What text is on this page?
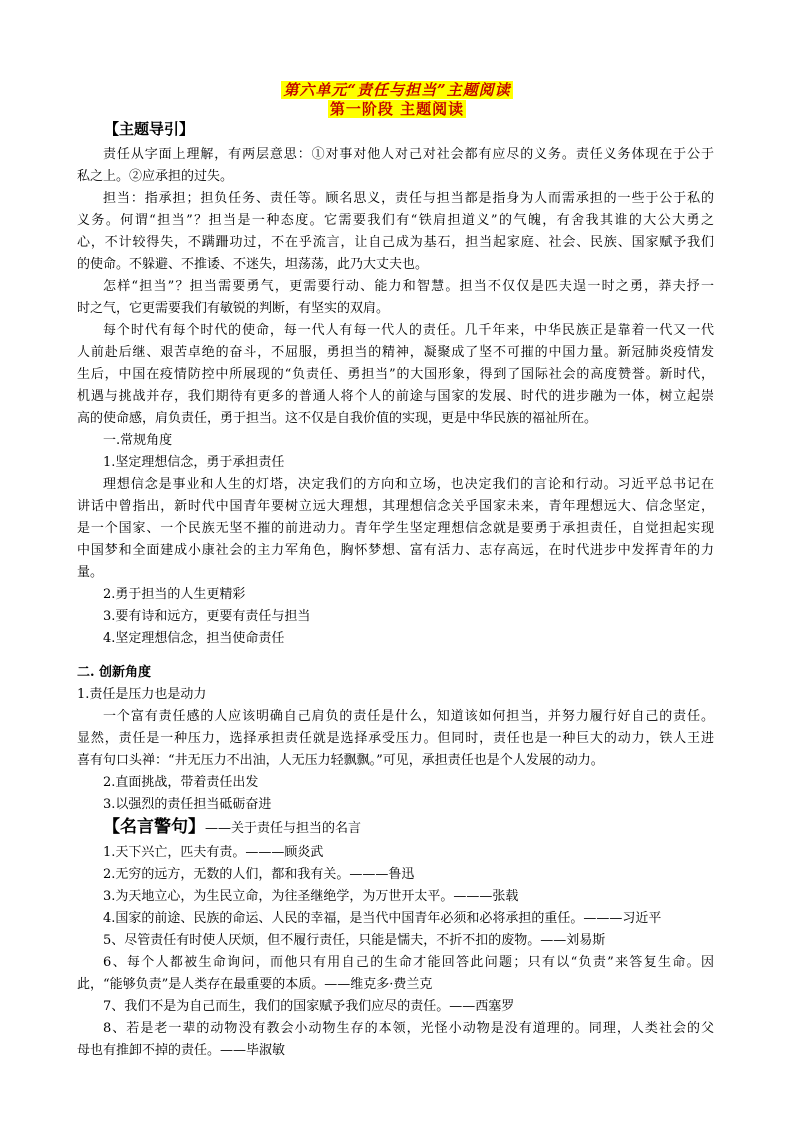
第六单元“责任与担当”主题阅读
第一阶段 主题阅读
【主题导引】
责任从字面上理解，有两层意思：①对事对他人对己对社会都有应尽的义务。责任义务体现在于公于
私之上。②应承担的过失。
担当：指承担；担负任务、责任等。顾名思义，责任与担当都是指身为人而需承担的一些于公于私的
义务。何谓“担当”？担当是一种态度。它需要我们有“铁肩担道义”的气魄，有舍我其谁的大公大勇之
心，不计较得失，不蹒跚功过，不在乎流言，让自己成为基石，担当起家庭、社会、民族、国家赋予我们
的使命。不躲避、不推诿、不迷失，坦荡荡，此乃大丈夫也。
怎样“担当”？担当需要勇气，更需要行动、能力和智慧。担当不仅仅是匹夫逞一时之勇，莽夫抒一
时之气，它更需要我们有敏锐的判断，有坚实的双肩。
每个时代有每个时代的使命，每一代人有每一代人的责任。几千年来，中华民族正是靠着一代又一代
人前赴后继、艰苦卓绝的奋斗，不屈服，勇担当的精神，凝聚成了坚不可摧的中国力量。新冠肺炎疫情发
生后，中国在疫情防控中所展现的“负责任、勇担当”的大国形象，得到了国际社会的高度赞誉。新时代，
机遇与挑战并存，我们期待有更多的普通人将个人的前途与国家的发展、时代的进步融为一体，树立起崇
高的使命感，肩负责任，勇于担当。这不仅是自我价值的实现，更是中华民族的福祉所在。
一.常规角度
1.坚定理想信念，勇于承担责任
理想信念是事业和人生的灯塔，决定我们的方向和立场，也决定我们的言论和行动。习近平总书记在
讲话中曾指出，新时代中国青年要树立远大理想，其理想信念关乎国家未来，青年理想远大、信念坚定，
是一个国家、一个民族无坚不摧的前进动力。青年学生坚定理想信念就是要勇于承担责任，自觉担起实现
中国梦和全面建成小康社会的主力军角色，胸怀梦想、富有活力、志存高远，在时代进步中发挥青年的力
量。
2.勇于担当的人生更精彩
3.要有诗和远方，更要有责任与担当
4.坚定理想信念，担当使命责任
二. 创新角度
1.责任是压力也是动力
一个富有责任感的人应该明确自己肩负的责任是什么，知道该如何担当，并努力履行好自己的责任。
显然，责任是一种压力，选择承担责任就是选择承受压力。但同时，责任也是一种巨大的动力，铁人王进
喜有句口头禅：“井无压力不出油，人无压力轻飘飘。”可见，承担责任也是个人发展的动力。
2.直面挑战，带着责任出发
3.以强烈的责任担当砥砺奋进
【名言警句】——关于责任与担当的名言
1.天下兴亡，匹夫有责。———顾炎武
2.无穷的远方，无数的人们，都和我有关。———鲁迅
3.为天地立心，为生民立命，为往圣继绝学，为万世开太平。———张载
4.国家的前途、民族的命运、人民的幸福，是当代中国青年必须和必将承担的重任。———习近平
5、尽管责任有时使人厌烦，但不履行责任，只能是懦夫，不折不扣的废物。——刘易斯
6、每个人都被生命询问，而他只有用自己的生命才能回答此问题；只有以“负责”来答复生命。因
此，“能够负责”是人类存在最重要的本质。——维克多·费兰克
7、我们不是为自己而生，我们的国家赋予我们应尽的责任。——西塞罗
8、若是老一辈的动物没有教会小动物生存的本领，光怪小动物是没有道理的。同理，人类社会的父
母也有推卸不掉的责任。——毕淑敏
